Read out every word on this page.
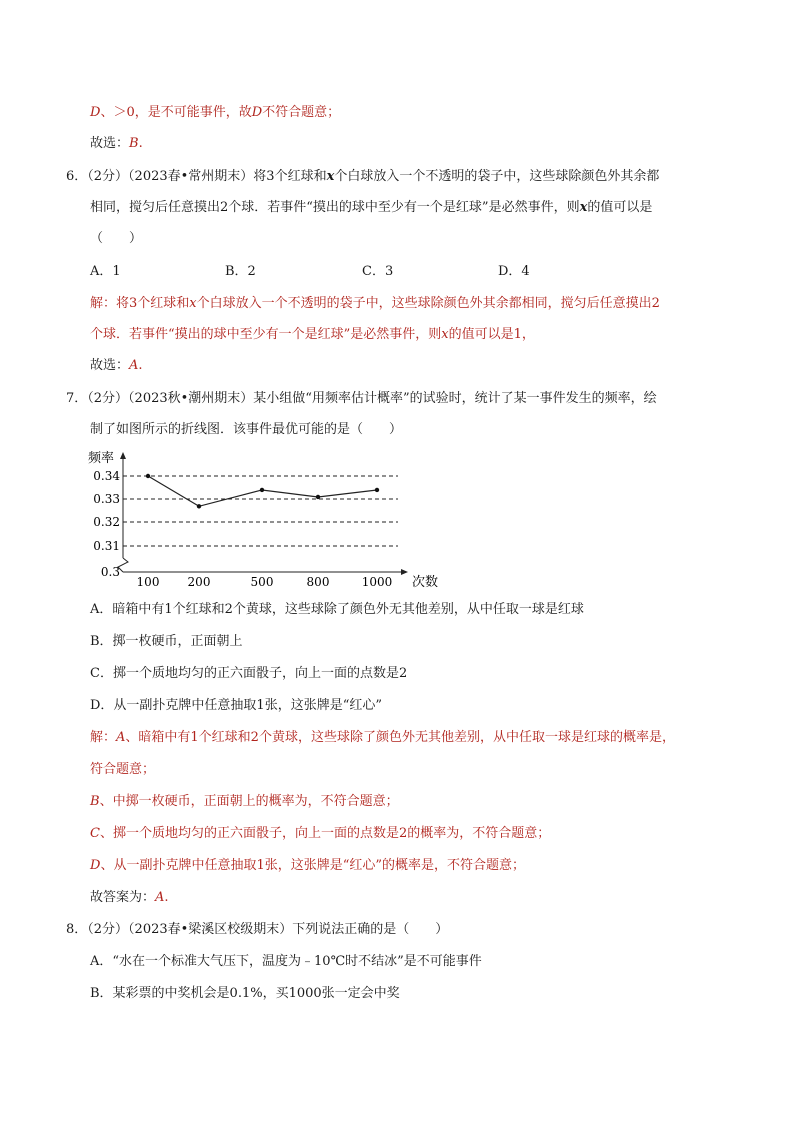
D、＞0，是不可能事件，故D不符合题意；
故选：B.
6．（2分）（2023春•常州期末）将3个红球和x个白球放入一个不透明的袋子中，这些球除颜色外其余都
相同，搅匀后任意摸出2个球．若事件“摸出的球中至少有一个是红球”是必然事件，则x的值可以是
（　　）
A．1	B．2	C．3	D．4
解：将3个红球和x个白球放入一个不透明的袋子中，这些球除颜色外其余都相同，搅匀后任意摸出2
个球．若事件“摸出的球中至少有一个是红球”是必然事件，则x的值可以是1，
故选：A.
7．（2分）（2023秋•潮州期末）某小组做“用频率估计概率”的试验时，统计了某一事件发生的频率，绘
制了如图所示的折线图．该事件最优可能的是（　　）
频率
次数
0.34
0.33
0.32
0.31
0.3
100 200	500	800	1000
A．暗箱中有1个红球和2个黄球，这些球除了颜色外无其他差别，从中任取一球是红球
B．掷一枚硬币，正面朝上
C．掷一个质地均匀的正六面骰子，向上一面的点数是2
D．从一副扑克牌中任意抽取1张，这张牌是“红心”
解：A、暗箱中有1个红球和2个黄球，这些球除了颜色外无其他差别，从中任取一球是红球的概率是，
符合题意；
B、中掷一枚硬币，正面朝上的概率为，不符合题意；
C、掷一个质地均匀的正六面骰子，向上一面的点数是2的概率为，不符合题意；
D、从一副扑克牌中任意抽取1张，这张牌是“红心”的概率是，不符合题意；
故答案为：A.
8．（2分）（2023春•梁溪区校级期末）下列说法正确的是（　　）
A．“水在一个标准大气压下，温度为﹣10℃时不结冰”是不可能事件
B．某彩票的中奖机会是0.1%，买1000张一定会中奖
